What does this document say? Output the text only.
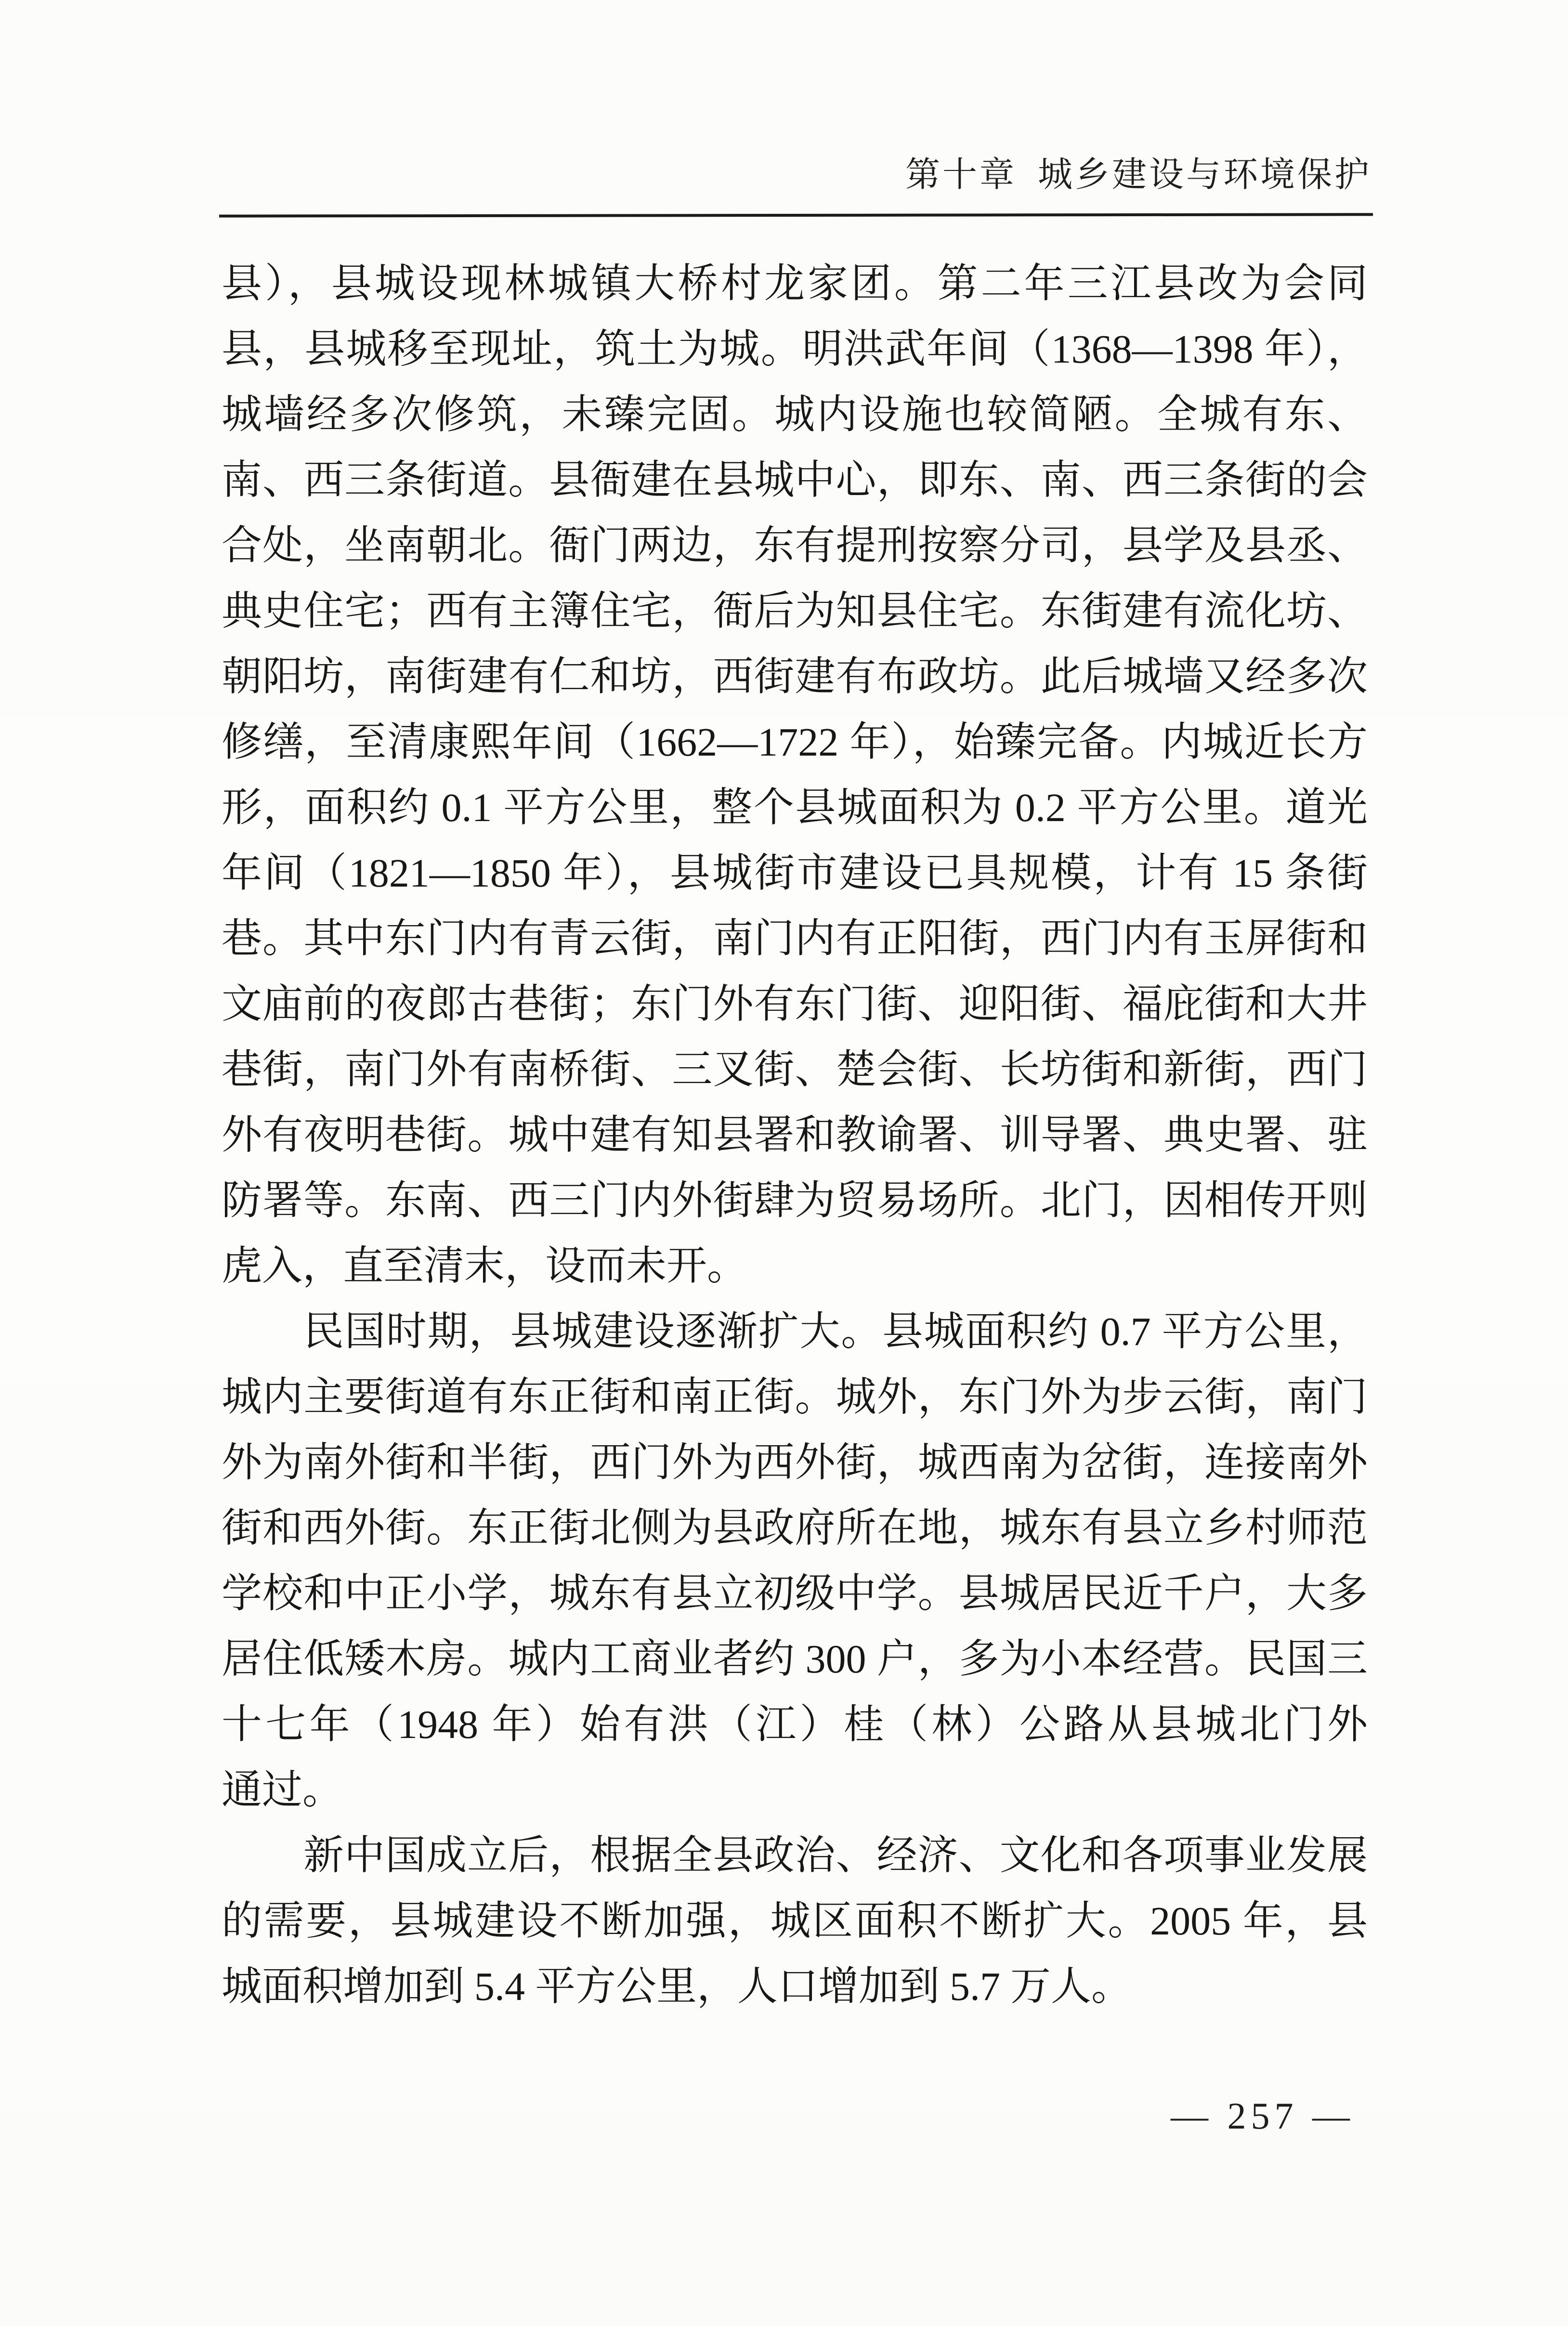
第十章 城乡建设与环境保护
县），县城设现林城镇大桥村龙家团。第二年三江县改为会同
县，县城移至现址，筑土为城。明洪武年间（1368—1398 年），
城墙经多次修筑，未臻完固。城内设施也较简陋。全城有东、
南、西三条街道。县衙建在县城中心，即东、南、西三条街的会
合处，坐南朝北。衙门两边，东有提刑按察分司，县学及县丞、
典史住宅；西有主簿住宅，衙后为知县住宅。东街建有流化坊、
朝阳坊，南街建有仁和坊，西街建有布政坊。此后城墙又经多次
修缮，至清康熙年间（1662—1722 年），始臻完备。内城近长方
形，面积约 0.1 平方公里，整个县城面积为 0.2 平方公里。道光
年间（1821—1850 年），县城街市建设已具规模，计有 15 条街
巷。其中东门内有青云街，南门内有正阳街，西门内有玉屏街和
文庙前的夜郎古巷街；东门外有东门街、迎阳街、福庇街和大井
巷街，南门外有南桥街、三叉街、楚会街、长坊街和新街，西门
外有夜明巷街。城中建有知县署和教谕署、训导署、典史署、驻
防署等。东南、西三门内外街肆为贸易场所。北门，因相传开则
虎入，直至清末，设而未开。
民国时期，县城建设逐渐扩大。县城面积约 0.7 平方公里，
城内主要街道有东正街和南正街。城外，东门外为步云街，南门
外为南外街和半街，西门外为西外街，城西南为岔街，连接南外
街和西外街。东正街北侧为县政府所在地，城东有县立乡村师范
学校和中正小学，城东有县立初级中学。县城居民近千户，大多
居住低矮木房。城内工商业者约 300 户，多为小本经营。民国三
十七年（1948 年）始有洪（江）桂（林）公路从县城北门外
通过。
新中国成立后，根据全县政治、经济、文化和各项事业发展
的需要，县城建设不断加强，城区面积不断扩大。2005 年，县
城面积增加到 5.4 平方公里，人口增加到 5.7 万人。
— 257 —
